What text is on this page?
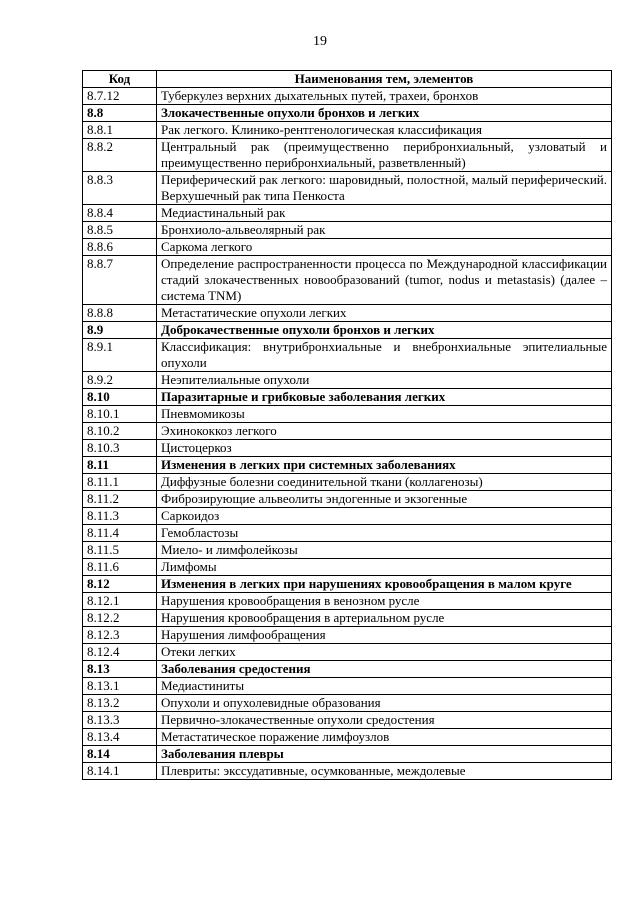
19
Код	Наименования тем, элементов
8.7.12	Туберкулез верхних дыхательных путей, трахеи, бронхов
8.8	Злокачественные опухоли бронхов и легких
8.8.1	Рак легкого. Клинико-рентгенологическая классификация
8.8.2	Центральный рак (преимущественно перибронхиальный, узловатый и преимущественно перибронхиальный, разветвленный)
8.8.3	Периферический рак легкого: шаровидный, полостной, малый периферический. Верхушечный рак типа Пенкоста
8.8.4	Медиастинальный рак
8.8.5	Бронхиоло-альвеолярный рак
8.8.6	Саркома легкого
8.8.7	Определение распространенности процесса по Международной классификации стадий злокачественных новообразований (tumor, nodus и metastasis) (далее – система TNM)
8.8.8	Метастатические опухоли легких
8.9	Доброкачественные опухоли бронхов и легких
8.9.1	Классификация: внутрибронхиальные и внебронхиальные эпителиальные опухоли
8.9.2	Неэпителиальные опухоли
8.10	Паразитарные и грибковые заболевания легких
8.10.1	Пневмомикозы
8.10.2	Эхинококкоз легкого
8.10.3	Цистоцеркоз
8.11	Изменения в легких при системных заболеваниях
8.11.1	Диффузные болезни соединительной ткани (коллагенозы)
8.11.2	Фиброзирующие альвеолиты эндогенные и экзогенные
8.11.3	Саркоидоз
8.11.4	Гемобластозы
8.11.5	Миело- и лимфолейкозы
8.11.6	Лимфомы
8.12	Изменения в легких при нарушениях кровообращения в малом круге
8.12.1	Нарушения кровообращения в венозном русле
8.12.2	Нарушения кровообращения в артериальном русле
8.12.3	Нарушения лимфообращения
8.12.4	Отеки легких
8.13	Заболевания средостения
8.13.1	Медиастиниты
8.13.2	Опухоли и опухолевидные образования
8.13.3	Первично-злокачественные опухоли средостения
8.13.4	Метастатическое поражение лимфоузлов
8.14	Заболевания плевры
8.14.1	Плевриты: экссудативные, осумкованные, междолевые
